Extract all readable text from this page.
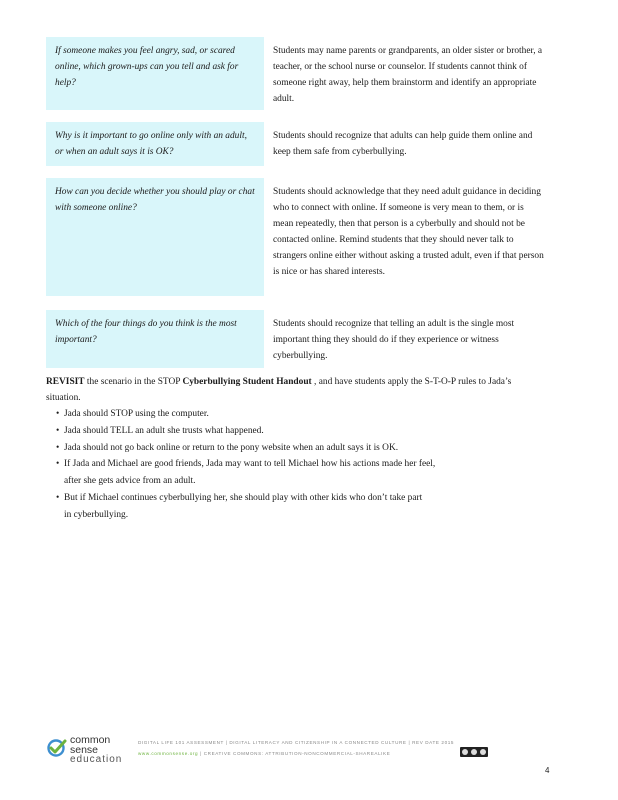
If someone makes you feel angry, sad, or scared online, which grown-ups can you tell and ask for help?
Students may name parents or grandparents, an older sister or brother, a teacher, or the school nurse or counselor. If students cannot think of someone right away, help them brainstorm and identify an appropriate adult.
Why is it important to go online only with an adult, or when an adult says it is OK?
Students should recognize that adults can help guide them online and keep them safe from cyberbullying.
How can you decide whether you should play or chat with someone online?
Students should acknowledge that they need adult guidance in deciding who to connect with online. If someone is very mean to them, or is mean repeatedly, then that person is a cyberbully and should not be contacted online. Remind students that they should never talk to strangers online either without asking a trusted adult, even if that person is nice or has shared interests.
Which of the four things do you think is the most important?
Students should recognize that telling an adult is the single most important thing they should do if they experience or witness cyberbullying.
REVISIT the scenario in the STOP Cyberbullying Student Handout , and have students apply the S-T-O-P rules to Jada’s situation.
• Jada should STOP using the computer.
• Jada should TELL an adult she trusts what happened.
• Jada should not go back online or return to the pony website when an adult says it is OK.
• If Jada and Michael are good friends, Jada may want to tell Michael how his actions made her feel,
after she gets advice from an adult.
• But if Michael continues cyberbullying her, she should play with other kids who don’t take part
in cyberbullying.
common
sense
education
DIGITAL LIFE 101 ASSESSMENT | DIGITAL LITERACY AND CITIZENSHIP IN A CONNECTED CULTURE | REV DATE 2015
www.commonsense.org | CREATIVE COMMONS: ATTRIBUTION-NONCOMMERCIAL-SHAREALIKE
4
